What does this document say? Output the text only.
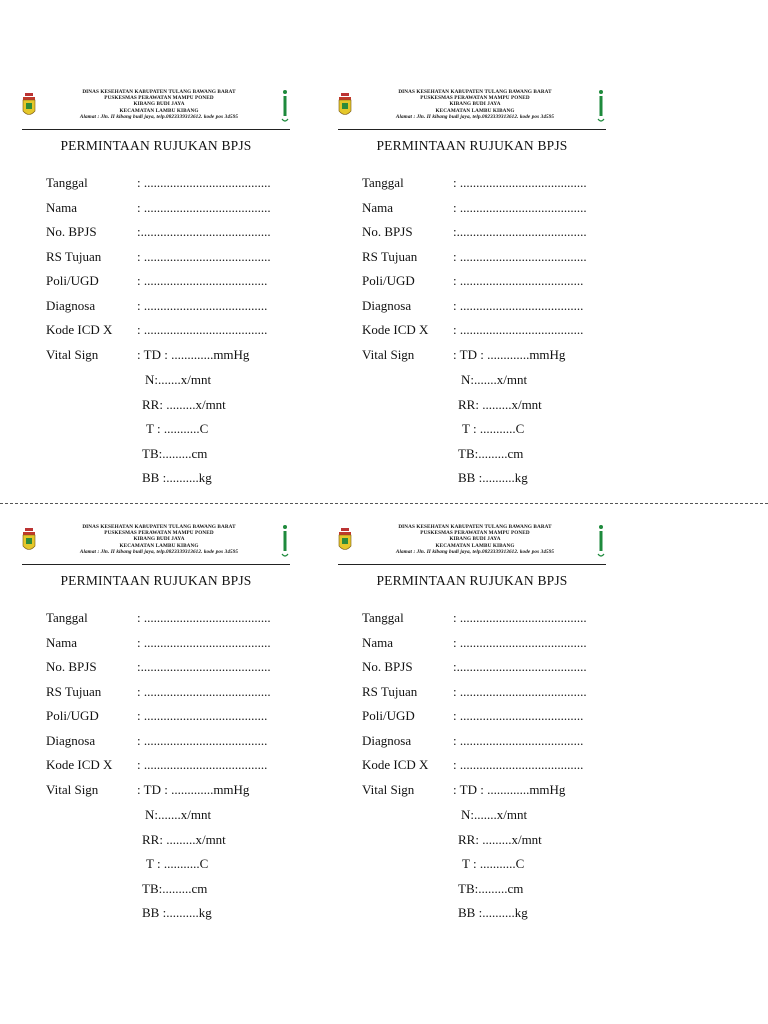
DINAS KESEHATAN KABUPATEN TULANG BAWANG BARAT
PUSKESMAS PERAWATAN MAMPU PONED
KIBANG BUDI JAYA
KECAMATAN LAMBU KIBANG
Alamat : Jln. II kibang budi jaya, telp.0823339313612. kode pos 34595
PERMINTAAN RUJUKAN BPJS
Tanggal	: .......................................
Nama	: .......................................
No. BPJS	:........................................
RS Tujuan	: .......................................
Poli/UGD	: ......................................
Diagnosa	: ......................................
Kode ICD X : ......................................
Vital Sign	: TD : .............mmHg
N:.......x/mnt
RR: .........x/mnt
T : ...........C
TB:.........cm
BB :..........kg
DINAS KESEHATAN KABUPATEN TULANG BAWANG BARAT
PUSKESMAS PERAWATAN MAMPU PONED
KIBANG BUDI JAYA
KECAMATAN LAMBU KIBANG
Alamat : Jln. II kibang budi jaya, telp.0823339313612. kode pos 34595
PERMINTAAN RUJUKAN BPJS
Tanggal	: .......................................
Nama	: .......................................
No. BPJS	:........................................
RS Tujuan	: .......................................
Poli/UGD	: ......................................
Diagnosa	: ......................................
Kode ICD X : ......................................
Vital Sign	: TD : .............mmHg
N:.......x/mnt
RR: .........x/mnt
T : ...........C
TB:.........cm
BB :..........kg
DINAS KESEHATAN KABUPATEN TULANG BAWANG BARAT
PUSKESMAS PERAWATAN MAMPU PONED
KIBANG BUDI JAYA
KECAMATAN LAMBU KIBANG
Alamat : Jln. II kibang budi jaya, telp.0823339313612. kode pos 34595
PERMINTAAN RUJUKAN BPJS
Tanggal	: .......................................
Nama	: .......................................
No. BPJS	:........................................
RS Tujuan	: .......................................
Poli/UGD	: ......................................
Diagnosa	: ......................................
Kode ICD X : ......................................
Vital Sign	: TD : .............mmHg
N:.......x/mnt
RR: .........x/mnt
T : ...........C
TB:.........cm
BB :..........kg
DINAS KESEHATAN KABUPATEN TULANG BAWANG BARAT
PUSKESMAS PERAWATAN MAMPU PONED
KIBANG BUDI JAYA
KECAMATAN LAMBU KIBANG
Alamat : Jln. II kibang budi jaya, telp.0823339313612. kode pos 34595
PERMINTAAN RUJUKAN BPJS
Tanggal	: .......................................
Nama	: .......................................
No. BPJS	:........................................
RS Tujuan	: .......................................
Poli/UGD	: ......................................
Diagnosa	: ......................................
Kode ICD X : ......................................
Vital Sign	: TD : .............mmHg
N:.......x/mnt
RR: .........x/mnt
T : ...........C
TB:.........cm
BB :..........kg
